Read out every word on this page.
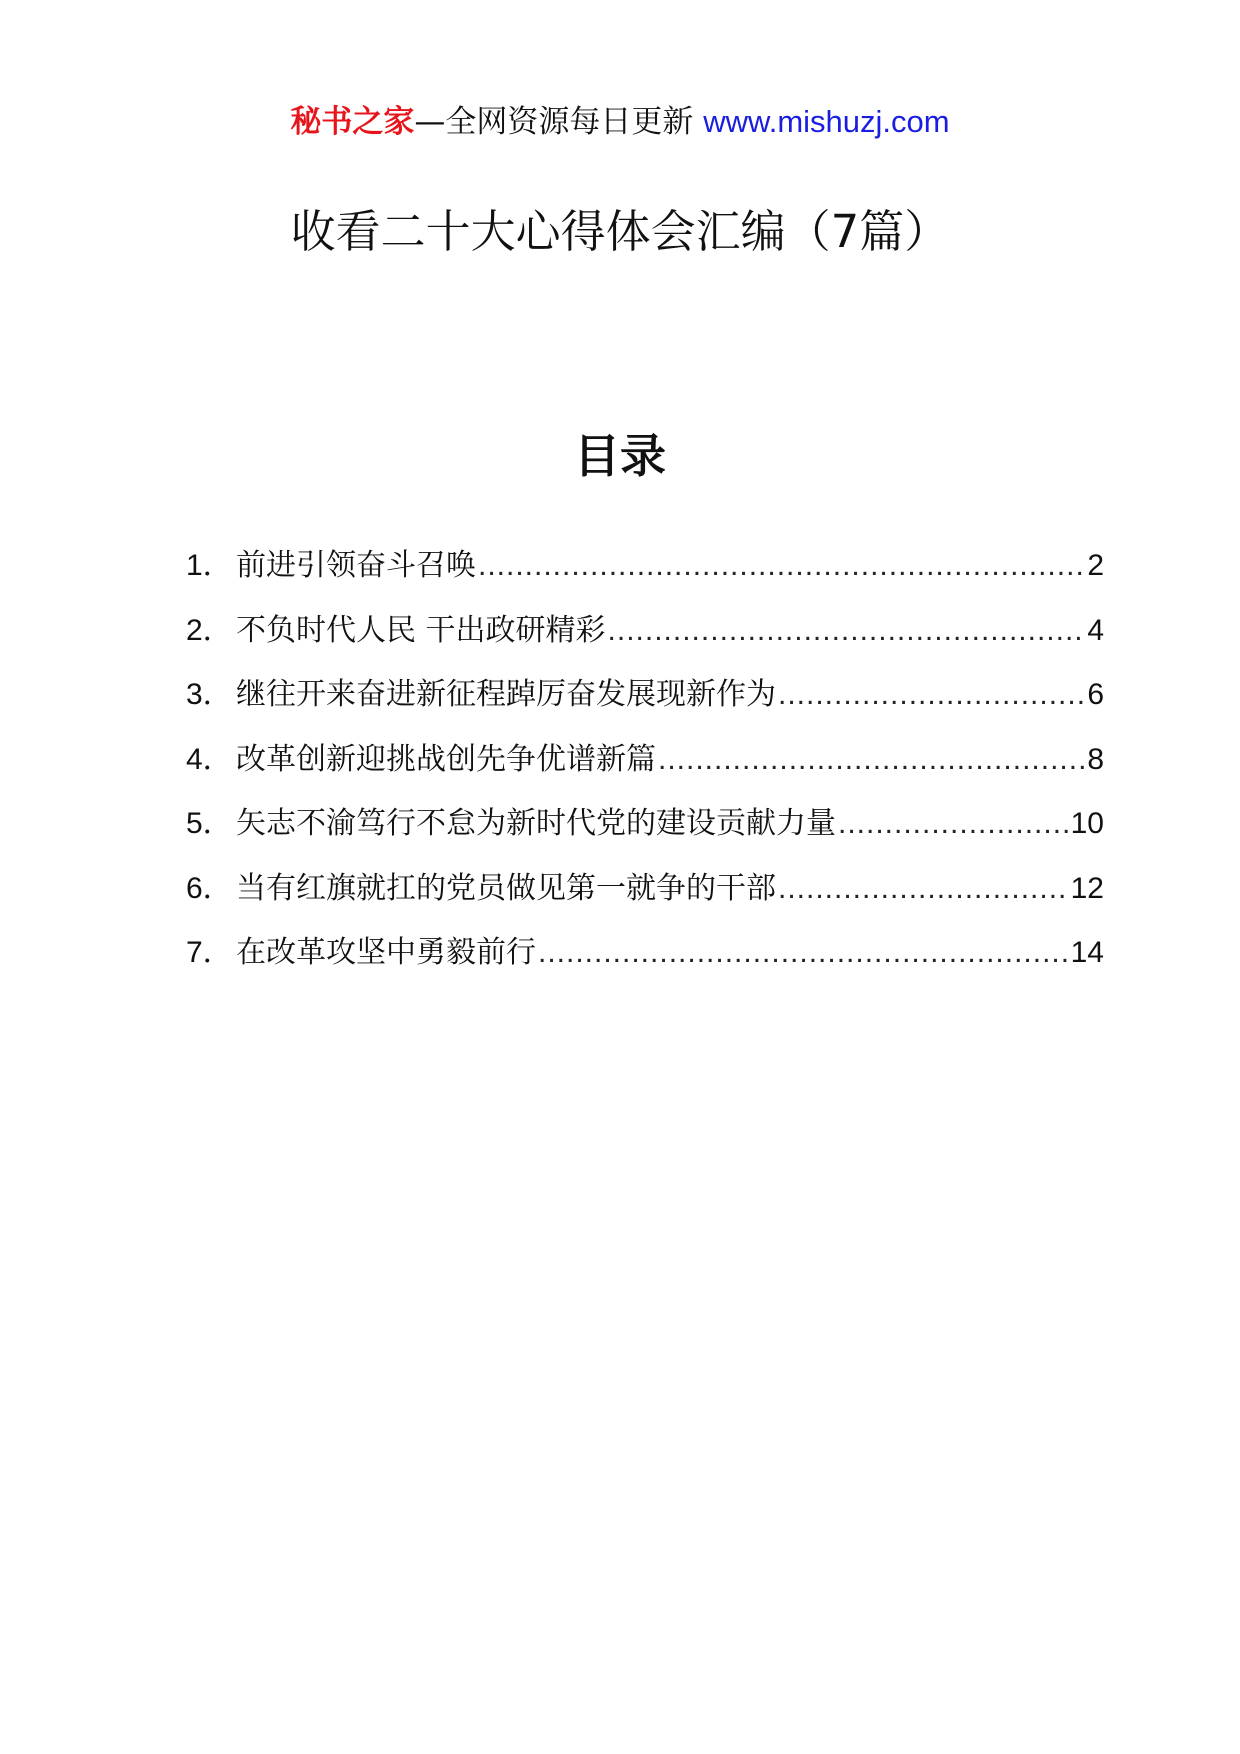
秘书之家—全网资源每日更新 www.mishuzj.com
收看二十大心得体会汇编（7篇）
目录
1． 前进引领奋斗召唤 .....	2
2． 不负时代人民 干出政研精彩 .....	4
3． 继往开来奋进新征程踔厉奋发展现新作为 .....	6
4． 改革创新迎挑战创先争优谱新篇 .....	8
5． 矢志不渝笃行不怠为新时代党的建设贡献力量 .....	10
6． 当有红旗就扛的党员做见第一就争的干部 .....	12
7． 在改革攻坚中勇毅前行 .....	14
